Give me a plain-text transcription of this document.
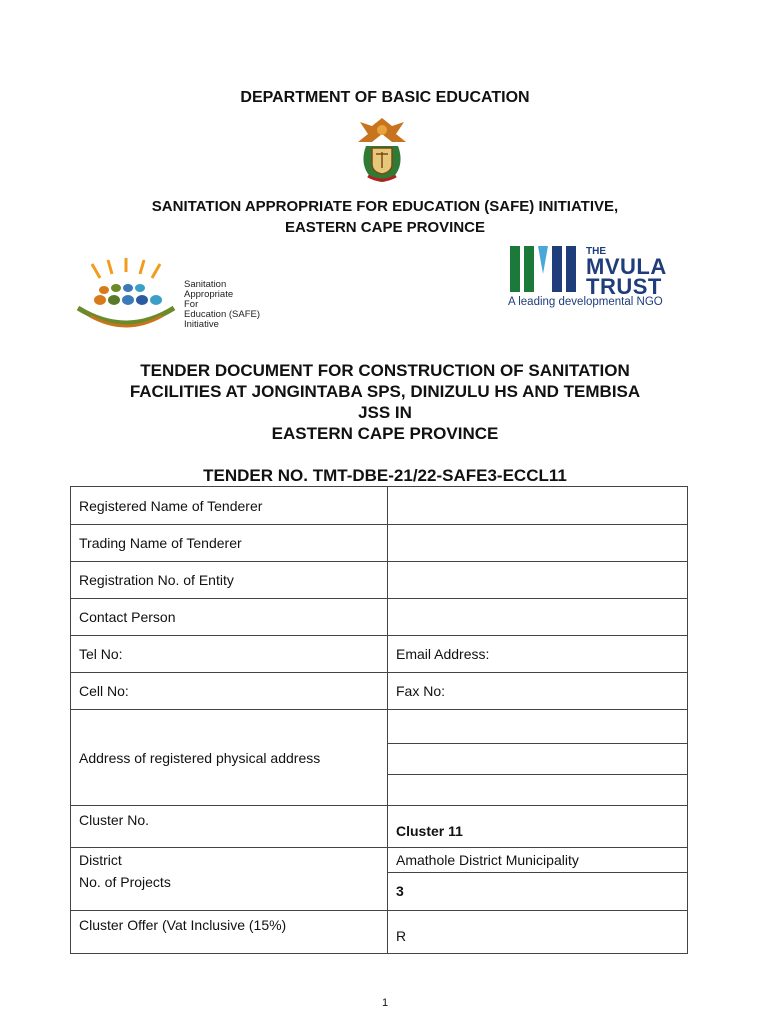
DEPARTMENT OF BASIC EDUCATION
SANITATION APPROPRIATE FOR EDUCATION (SAFE) INITIATIVE,
EASTERN CAPE PROVINCE
Sanitation
Appropriate
For
Education (SAFE)
Initiative
THE
MVULA
TRUST
A leading developmental NGO
TENDER DOCUMENT FOR CONSTRUCTION OF SANITATION
FACILITIES AT JONGINTABA SPS, DINIZULU HS AND TEMBISA
JSS IN
EASTERN CAPE PROVINCE
TENDER NO. TMT-DBE-21/22-SAFE3-ECCL11
Registered Name of Tenderer	
Trading Name of Tenderer	
Registration No. of Entity	
Contact Person	
Tel No:	Email Address:
Cell No:	Fax No:
Address of registered physical address	

Cluster No.	Cluster 11
District	Amathole District Municipality
No. of Projects	3
Cluster Offer (Vat Inclusive (15%)	R
1
